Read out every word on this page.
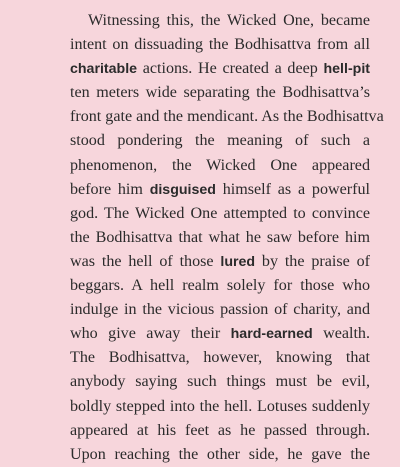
Witnessing this, the Wicked One, became
intent on dissuading the Bodhisattva from all
charitable actions. He created a deep hell-pit
ten meters wide separating the Bodhisattva’s
front gate and the mendicant. As the Bodhisattva
stood pondering the meaning of such a
phenomenon, the Wicked One appeared
before him disguised himself as a powerful
god. The Wicked One attempted to convince
the Bodhisattva that what he saw before him
was the hell of those lured by the praise of
beggars. A hell realm solely for those who
indulge in the vicious passion of charity, and
who give away their hard-earned wealth.
The Bodhisattva, however, knowing that
anybody saying such things must be evil,
boldly stepped into the hell. Lotuses suddenly
appeared at his feet as he passed through.
Upon reaching the other side, he gave the
